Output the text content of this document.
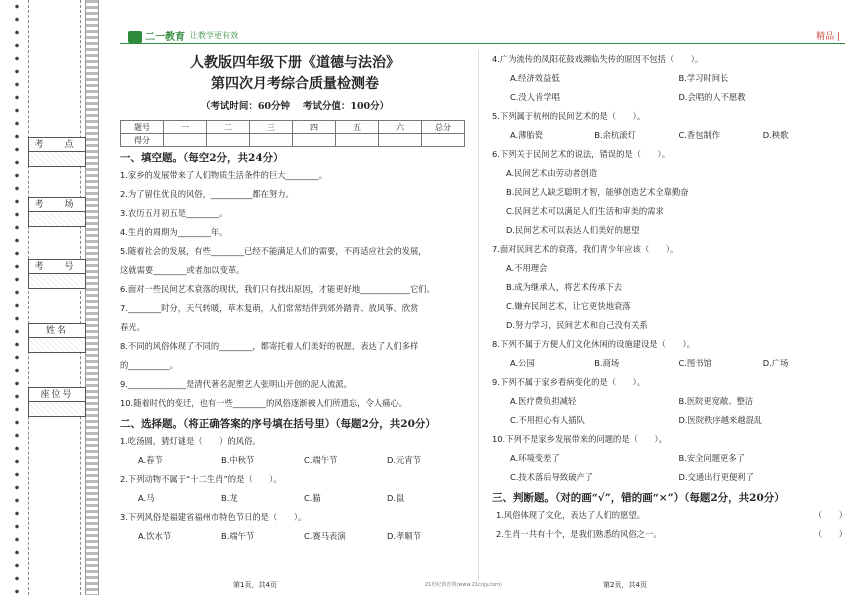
考　点
考　场
考　号
姓名
座位号
二一教育 让教学更有效	精品 |
人教版四年级下册《道德与法治》
第四次月考综合质量检测卷
（考试时间：60分钟　 考试分值：100分）
题号	一	二	三	四	五	六	总分
得分							
一、填空题。（每空2分，共24分）
1.家乡的发展带来了人们物质生活条件的巨大________。
2.为了留住优良的风俗，__________都在努力。
3.农历五月初五是________。
4.生肖的周期为________年。
5.随着社会的发展，有些________已经不能满足人们的需要，不再适应社会的发展，
这就需要________或者加以变革。
6.面对一些民间艺术衰落的现状，我们只有找出原因，才能更好地____________它们。
7.________时分，天气转暖，草木复萌，人们常常结伴到郊外踏青、放风筝、欣赏
春光。
8.不同的风俗体现了不同的________，都寄托着人们美好的祝愿，表达了人们多样
的__________。
9.______________是清代著名泥塑艺人张明山开创的泥人流派。
10.随着时代的变迁，也有一些________的风俗逐渐被人们所遗忘，令人痛心。
二、选择题。（将正确答案的序号填在括号里）（每题2分，共20分）
1.吃汤圆，猜灯谜是（　　）的风俗。
A.春节	B.中秋节	C.端午节	D.元宵节
2.下列动物不属于“十二生肖”的是（　　）。
A.马	B.龙	C.猫	D.鼠
3.下列风俗是福建省福州市特色节日的是（　　）。
A.饮水节	B.端午节	C.赛马表演	D.孝顺节
4.广为流传的凤阳花鼓戏濒临失传的原因不包括（　　）。
A.经济效益低	B.学习时间长
C.没人肯学唱	D.会唱的人不愿教
5.下列属于杭州的民间艺术的是（　　）。
A.薄胎瓷	B.余杭滚灯	C.香包制作	D.秧歌
6.下列关于民间艺术的说法，错误的是（　　）。
A.民间艺术由劳动者创造
B.民间艺人缺乏聪明才智，能够创造艺术全靠勤奋
C.民间艺术可以满足人们生活和审美的需求
D.民间艺术可以表达人们美好的愿望
7.面对民间艺术的衰落，我们青少年应该（　　）。
A.不用理会
B.成为继承人，将艺术传承下去
C.嫌弃民间艺术，让它更快地衰落
D.努力学习，民间艺术和自己没有关系
8.下列不属于方便人们文化休闲的设施建设是（　　）。
A.公园	B.商场	C.图书馆	D.广场
9.下列不属于家乡看病变化的是（　　）。
A.医疗费负担减轻	B.医院更宽敞、整洁
C.不用担心有人插队	D.医院秩序越来越混乱
10.下列不是家乡发展带来的问题的是（　　）。
A.环境变差了	B.安全问题更多了
C.技术落后导致破产了	D.交通出行更便利了
三、判断题。（对的画“√”，错的画“×”）（每题2分，共20分）
1.风俗体现了文化，表达了人们的愿望。	（　　）
2.生肖一共有十个，是我们熟悉的风俗之一。	（　　）
第1页，共4页	21世纪教育网(www.21cnjy.com)	第2页，共4页
